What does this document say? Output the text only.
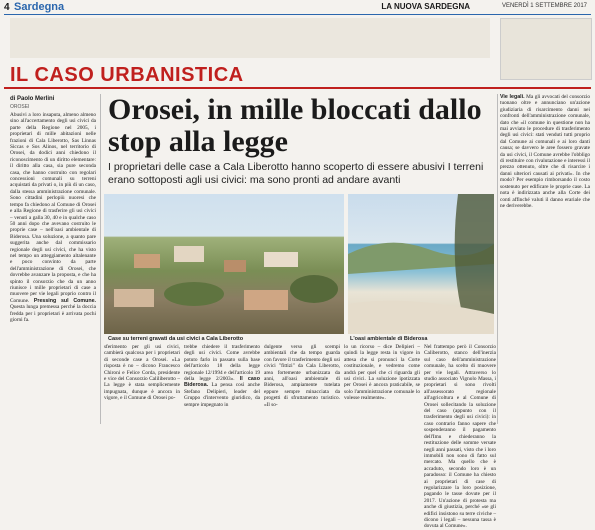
4 Sardegna	LA NUOVA SARDEGNA	VENERDÌ 1 SETTEMBRE 2017
IL CASO URBANISTICA
di Paolo Merlini
OROSEI
Abusivi a loro insaputa, almeno almeno sino all'accertamento degli usi civici da parte della Regione nel 2005, i proprietari di mille abitazioni nelle frazioni di Cala Liberotto, Sas Linnas Siccas e Sos Alinos, nel territorio di Orosei, da dodici anni chiedono il riconoscimento di un diritto elementare: il diritto alla casa, sia pure seconda casa, che hanno costruito con regolari concessioni comunali su terreni acquistati da privati o, in più di un caso, dalla stessa amministrazione comunale. Sono cittadini perlopiù nuoresi che tempo fa chiedono al Comune di Orosei e alla Regione di trasferire gli usi civici – venuti a galla 30, 40 e in qualche caso 50 anni dopo che avevano costruito le proprie case – nell'oasi ambientale di Biderosa. Una soluzione, a quanto pare suggerita anche dal commissario regionale degli usi civici, che ha visto nel tempo un atteggiamento altalenante e poco convinto da parte dell'amministrazione di Orosei, che dovrebbe avanzare la proposta, e che ha spinto il consorzio che da un anno riunisce i mille proprietari di case a muovere per vie legali proprio contro il Comune. Pressing sul Comune. Questa lunga premessa perché la doccia fredda per i proprietari è arrivata pochi giorni fa.
Orosei, in mille bloccati dallo stop alla legge
I proprietari delle case a Cala Liberotto hanno scoperto di essere abusivi I terreni erano sottoposti agli usi civici: ma sono pronti ad andare avanti
Case su terreni gravati da usi civici a Cala Liberotto	L'oasi ambientale di Biderosa
sferimento per gli usi civici, cambierà qualcosa per i proprietari di seconde case a Orosei. «La risposta è no – dicono Francesco Chironi e Felice Corda, presidente e vice del Consorzio Caliliberotto – La legge è stata semplicemente impugnata, dunque è ancora in vigore, e il Comune di Orosei po-
trebbe chiedere il trasferimento degli usi civici. Come avrebbe potuto farlo in passato sulla base dell'articolo 18 della legge regionale 12/1994 e dell'articolo 19 della legge 2/2003». Il caso Biderosa. La pensa così anche Stefano Delipieri, leader del Gruppo d'intervento giuridico, da sempre impegnato in
dulgente verso gli scempi ambientali che da tempo guarda con favore il trasferimento degli usi civici "fittizi" da Cala Liberotto, area fortemente urbanizzata da anni, all'oasi ambientale di Biderosa, ampiamente tutelata eppure sempre minacciata da progetti di sfruttamento turistico. «Il so-
lo un ricorso – dice Delipieri – quindi la legge resta in vigore in attesa che si pronunci la Corte costituzionale, e vedremo come andrà per quel che ci riguarda gli usi civici. La soluzione ipotizzata per Orosei è ancora praticabile, se solo l'amministrazione comunale lo volesse realmente».
Nel frattempo però il Consorzio Caliberotto, stanco dell'inerzia sul caso dell'amministrazione comunale, ha scelto di muovere per vie legali. Attraverso lo studio associato Vignolo Massa, i proprietari si sono rivolti all'assessorato regionale all'agricoltura e al Comune di Orosei sollecitando la soluzione del caso (appunto con il trasferimento degli usi civici): in caso contrario fanno sapere che sospenderanno il pagamento dell'Imu e chiederanno la restituzione delle somme versate negli anni passati, visto che i loro immobili non sono di fatto sul mercato. Ma quello che è accaduto, secondo loro è un paradosso: il Comune ha chiesto ai proprietari di case di regolarizzare la loro posizione, pagando le tasse dovute per il 2017. Un'azione di protesta ma anche di giustizia, perché «se gli edifici insistono su terre civiche – dicono i legali – nessuna tassa è dovuta al Comune».
Vie legali. Ma gli avvocati del consorzio tuonano oltre e annunciano un'azione giudiziaria di risarcimento danni nei confronti dell'amministrazione comunale, dato che «il comune in questione non ha mai avviato le procedure di trasferimento degli usi civici: stati venduti tutti proprio dal Comune ai comunali e ai loro danti causa; se davvero le aree fossero gravate da usi civici, il Comune avrebbe l'obbligo di restituire con rivalutazione e interessi il prezzo ottenuto, oltre che di risarcire i danni ulteriori causati ai privati». In che modo? Per esempio rimborsando il costo sostenuto per edificare le proprie case. La nota è indirizzata anche alla Corte dei conti affinché valuti il danno erariale che ne deriverebbe.
